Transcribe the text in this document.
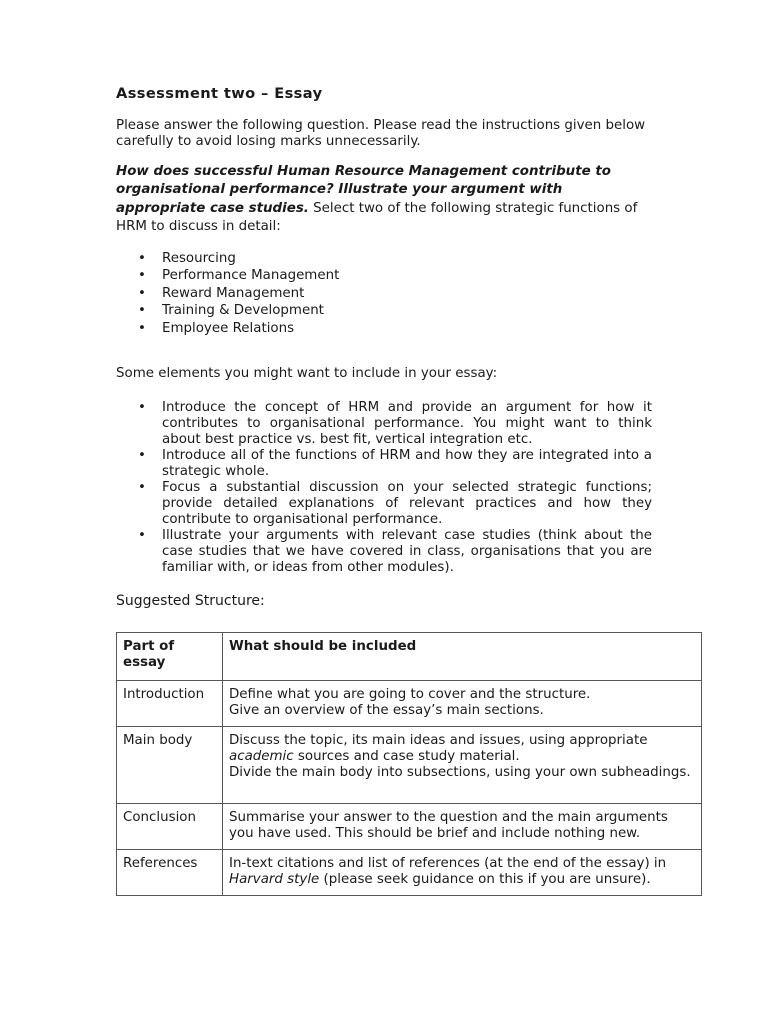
Assessment two – Essay

Please answer the following question. Please read the instructions given below carefully to avoid losing marks unnecessarily.

How does successful Human Resource Management contribute to organisational performance? Illustrate your argument with appropriate case studies. Select two of the following strategic functions of HRM to discuss in detail:

• Resourcing
• Performance Management
• Reward Management
• Training & Development
• Employee Relations

Some elements you might want to include in your essay:

• Introduce the concept of HRM and provide an argument for how it contributes to organisational performance. You might want to think about best practice vs. best fit, vertical integration etc.
• Introduce all of the functions of HRM and how they are integrated into a strategic whole.
• Focus a substantial discussion on your selected strategic functions; provide detailed explanations of relevant practices and how they contribute to organisational performance.
• Illustrate your arguments with relevant case studies (think about the case studies that we have covered in class, organisations that you are familiar with, or ideas from other modules).

Suggested Structure:

Part of essay	What should be included
Introduction	Define what you are going to cover and the structure.
Give an overview of the essay’s main sections.

Main body	Discuss the topic, its main ideas and issues, using appropriate academic sources and case study material.
Divide the main body into subsections, using your own subheadings.

Conclusion	Summarise your answer to the question and the main arguments you have used. This should be brief and include nothing new.
References	In-text citations and list of references (at the end of the essay) in Harvard style (please seek guidance on this if you are unsure).
